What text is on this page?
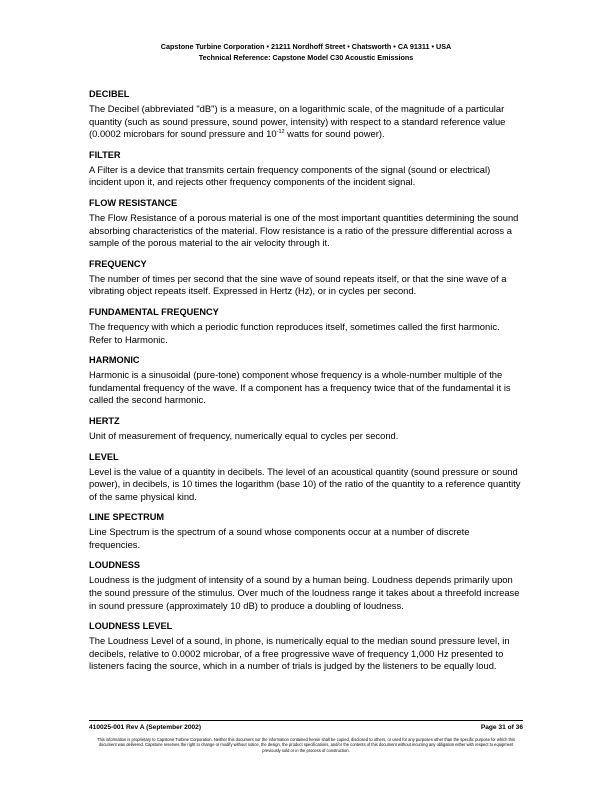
Capstone Turbine Corporation • 21211 Nordhoff Street • Chatsworth • CA 91311 • USA
Technical Reference: Capstone Model C30 Acoustic Emissions

DECIBEL

The Decibel (abbreviated "dB") is a measure, on a logarithmic scale, of the magnitude of a particular quantity (such as sound pressure, sound power, intensity) with respect to a standard reference value (0.0002 microbars for sound pressure and $10^{-12}$ watts for sound power).

FILTER

A Filter is a device that transmits certain frequency components of the signal (sound or electrical) incident upon it, and rejects other frequency components of the incident signal.

FLOW RESISTANCE

The Flow Resistance of a porous material is one of the most important quantities determining the sound absorbing characteristics of the material. Flow resistance is a ratio of the pressure differential across a sample of the porous material to the air velocity through it.

FREQUENCY

The number of times per second that the sine wave of sound repeats itself, or that the sine wave of a vibrating object repeats itself. Expressed in Hertz (Hz), or in cycles per second.

FUNDAMENTAL FREQUENCY

The frequency with which a periodic function reproduces itself, sometimes called the first harmonic. Refer to Harmonic.

HARMONIC

Harmonic is a sinusoidal (pure-tone) component whose frequency is a whole-number multiple of the fundamental frequency of the wave. If a component has a frequency twice that of the fundamental it is called the second harmonic.

HERTZ

Unit of measurement of frequency, numerically equal to cycles per second.

LEVEL

Level is the value of a quantity in decibels. The level of an acoustical quantity (sound pressure or sound power), in decibels, is 10 times the logarithm (base 10) of the ratio of the quantity to a reference quantity of the same physical kind.

LINE SPECTRUM

Line Spectrum is the spectrum of a sound whose components occur at a number of discrete frequencies.

LOUDNESS

Loudness is the judgment of intensity of a sound by a human being. Loudness depends primarily upon the sound pressure of the stimulus. Over much of the loudness range it takes about a threefold increase in sound pressure (approximately 10 dB) to produce a doubling of loudness.

LOUDNESS LEVEL

The Loudness Level of a sound, in phone, is numerically equal to the median sound pressure level, in decibels, relative to 0.0002 microbar, of a free progressive wave of frequency 1,000 Hz presented to listeners facing the source, which in a number of trials is judged by the listeners to be equally loud.

410025-001 Rev A (September 2002)	Page 31 of 36
This information is proprietary to Capstone Turbine Corporation. Neither this document nor the information contained herein shall be copied, disclosed to others, or used for any purposes other than the specific purpose for which this document was delivered. Capstone reserves the right to change or modify without notice, the design, the product specifications, and/or the contents of this document without incurring any obligation either with respect to equipment previously sold or in the process of construction.
